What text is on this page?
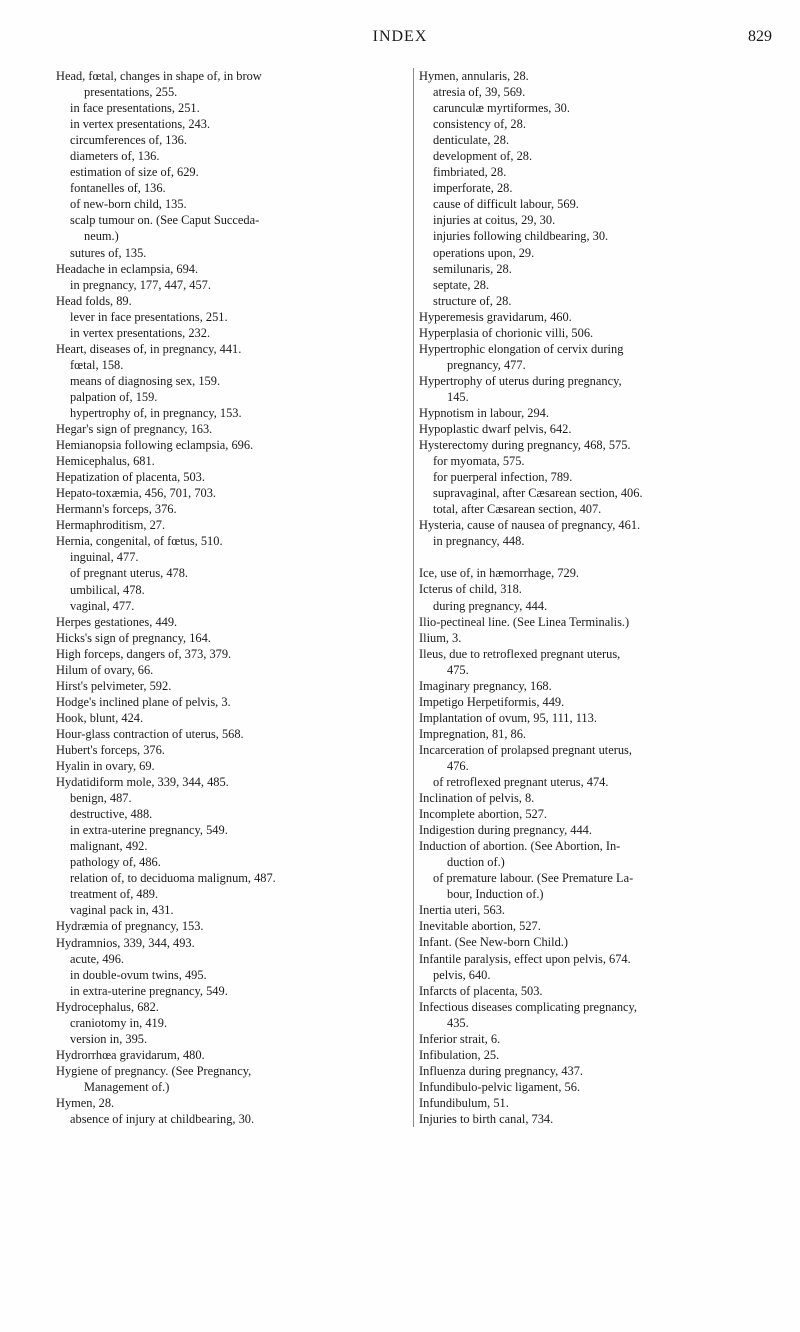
INDEX	829
Head, fœtal, changes in shape of, in brow
presentations, 255.
in face presentations, 251.
in vertex presentations, 243.
circumferences of, 136.
diameters of, 136.
estimation of size of, 629.
fontanelles of, 136.
of new-born child, 135.
scalp tumour on. (See Caput Succeda-
neum.)
sutures of, 135.
Headache in eclampsia, 694.
in pregnancy, 177, 447, 457.
Head folds, 89.
lever in face presentations, 251.
in vertex presentations, 232.
Heart, diseases of, in pregnancy, 441.
fœtal, 158.
means of diagnosing sex, 159.
palpation of, 159.
hypertrophy of, in pregnancy, 153.
Hegar's sign of pregnancy, 163.
Hemianopsia following eclampsia, 696.
Hemicephalus, 681.
Hepatization of placenta, 503.
Hepato-toxæmia, 456, 701, 703.
Hermann's forceps, 376.
Hermaphroditism, 27.
Hernia, congenital, of fœtus, 510.
inguinal, 477.
of pregnant uterus, 478.
umbilical, 478.
vaginal, 477.
Herpes gestationes, 449.
Hicks's sign of pregnancy, 164.
High forceps, dangers of, 373, 379.
Hilum of ovary, 66.
Hirst's pelvimeter, 592.
Hodge's inclined plane of pelvis, 3.
Hook, blunt, 424.
Hour-glass contraction of uterus, 568.
Hubert's forceps, 376.
Hyalin in ovary, 69.
Hydatidiform mole, 339, 344, 485.
benign, 487.
destructive, 488.
in extra-uterine pregnancy, 549.
malignant, 492.
pathology of, 486.
relation of, to deciduoma malignum, 487.
treatment of, 489.
vaginal pack in, 431.
Hydræmia of pregnancy, 153.
Hydramnios, 339, 344, 493.
acute, 496.
in double-ovum twins, 495.
in extra-uterine pregnancy, 549.
Hydrocephalus, 682.
craniotomy in, 419.
version in, 395.
Hydrorrhœa gravidarum, 480.
Hygiene of pregnancy. (See Pregnancy,
Management of.)
Hymen, 28.
absence of injury at childbearing, 30.
Hymen, annularis, 28.
atresia of, 39, 569.
carunculæ myrtiformes, 30.
consistency of, 28.
denticulate, 28.
development of, 28.
fimbriated, 28.
imperforate, 28.
cause of difficult labour, 569.
injuries at coitus, 29, 30.
injuries following childbearing, 30.
operations upon, 29.
semilunaris, 28.
septate, 28.
structure of, 28.
Hyperemesis gravidarum, 460.
Hyperplasia of chorionic villi, 506.
Hypertrophic elongation of cervix during
pregnancy, 477.
Hypertrophy of uterus during pregnancy,
145.
Hypnotism in labour, 294.
Hypoplastic dwarf pelvis, 642.
Hysterectomy during pregnancy, 468, 575.
for myomata, 575.
for puerperal infection, 789.
supravaginal, after Cæsarean section, 406.
total, after Cæsarean section, 407.
Hysteria, cause of nausea of pregnancy, 461.
in pregnancy, 448.
Ice, use of, in hæmorrhage, 729.
Icterus of child, 318.
during pregnancy, 444.
Ilio-pectineal line. (See Linea Terminalis.)
Ilium, 3.
Ileus, due to retroflexed pregnant uterus,
475.
Imaginary pregnancy, 168.
Impetigo Herpetiformis, 449.
Implantation of ovum, 95, 111, 113.
Impregnation, 81, 86.
Incarceration of prolapsed pregnant uterus,
476.
of retroflexed pregnant uterus, 474.
Inclination of pelvis, 8.
Incomplete abortion, 527.
Indigestion during pregnancy, 444.
Induction of abortion. (See Abortion, In-
duction of.)
of premature labour. (See Premature La-
bour, Induction of.)
Inertia uteri, 563.
Inevitable abortion, 527.
Infant. (See New-born Child.)
Infantile paralysis, effect upon pelvis, 674.
pelvis, 640.
Infarcts of placenta, 503.
Infectious diseases complicating pregnancy,
435.
Inferior strait, 6.
Infibulation, 25.
Influenza during pregnancy, 437.
Infundibulo-pelvic ligament, 56.
Infundibulum, 51.
Injuries to birth canal, 734.
